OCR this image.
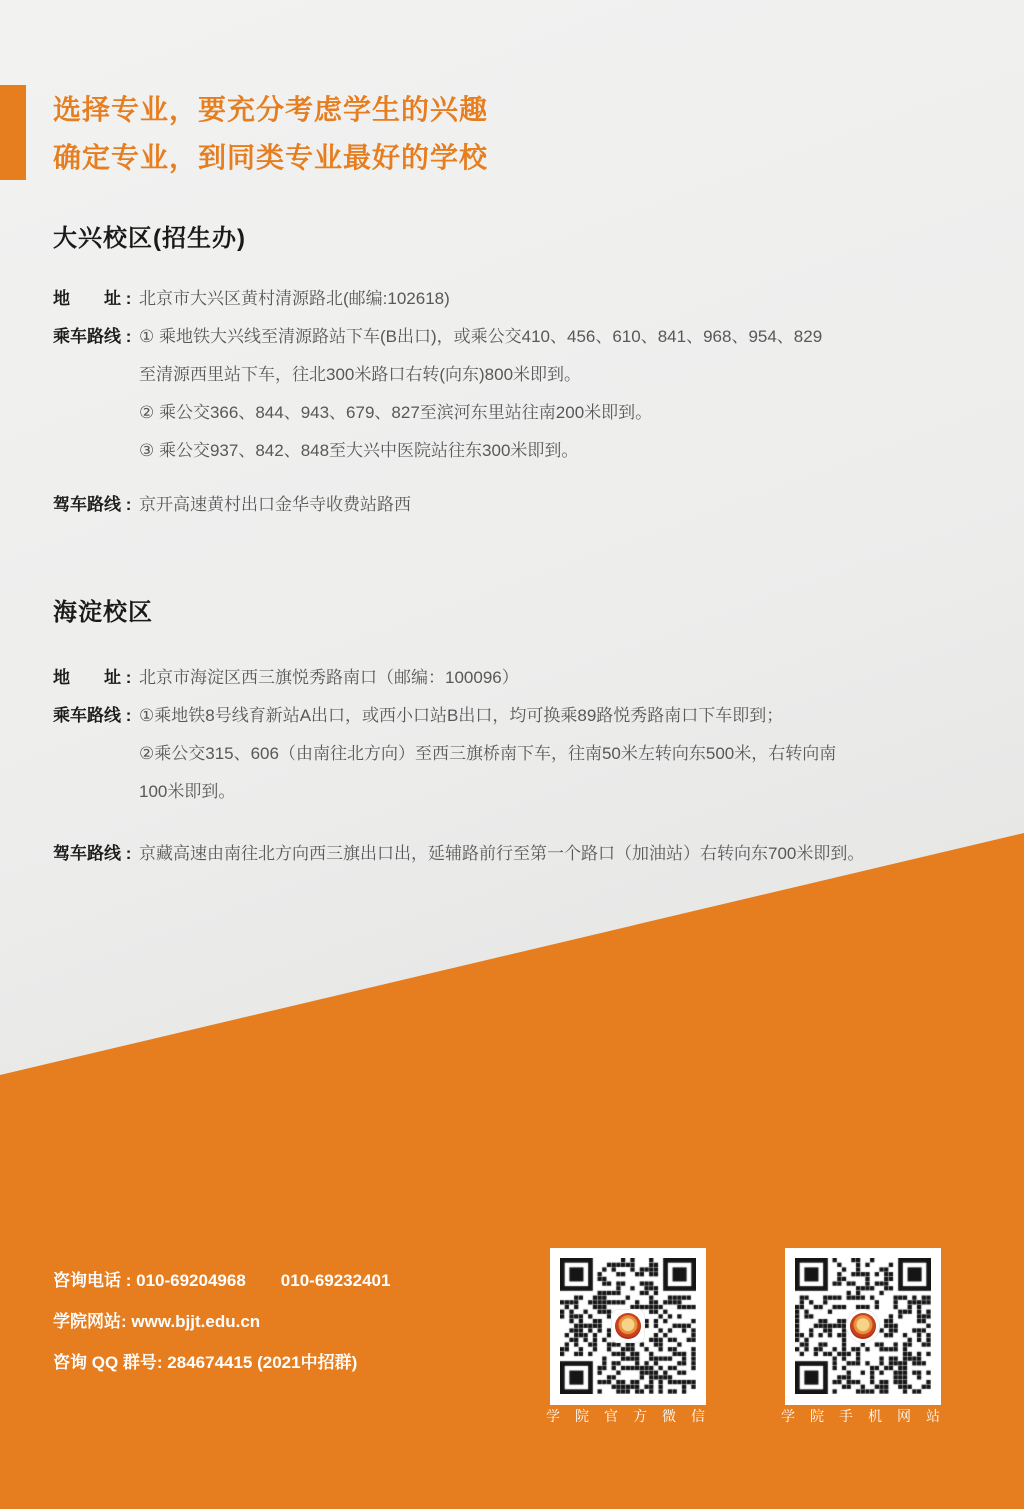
选择专业，要充分考虑学生的兴趣
确定专业，到同类专业最好的学校
大兴校区(招生办)
地　　址 : 北京市大兴区黄村清源路北(邮编:102618)
乘车路线 : ① 乘地铁大兴线至清源路站下车(B出口)，或乘公交410、456、610、841、968、954、829
至清源西里站下车，往北300米路口右转(向东)800米即到。
② 乘公交366、844、943、679、827至滨河东里站往南200米即到。
③ 乘公交937、842、848至大兴中医院站往东300米即到。
驾车路线 : 京开高速黄村出口金华寺收费站路西
海淀校区
地　　址 : 北京市海淀区西三旗悦秀路南口（邮编：100096）
乘车路线 : ①乘地铁8号线育新站A出口，或西小口站B出口，均可换乘89路悦秀路南口下车即到；
②乘公交315、606（由南往北方向）至西三旗桥南下车，往南50米左转向东500米，右转向南
100米即到。
驾车路线 : 京藏高速由南往北方向西三旗出口出，延辅路前行至第一个路口（加油站）右转向东700米即到。
咨询电话 : 010-69204968 010-69232401
学院网站: www.bjjt.edu.cn
咨询 QQ 群号: 284674415 (2021中招群)
学院官方微信	学院手机网站
